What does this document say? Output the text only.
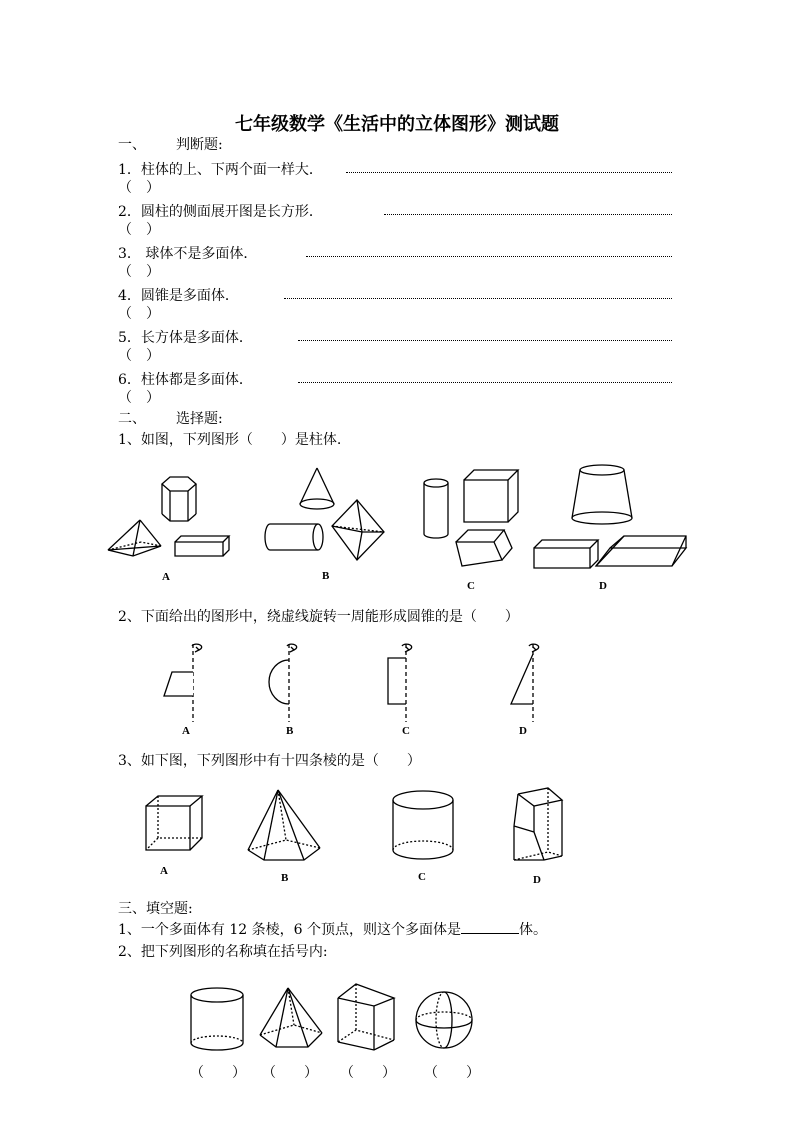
七年级数学《生活中的立体图形》测试题
一、 判断题:
1．柱体的上、下两个面一样大．
（　）
2．圆柱的侧面展开图是长方形．
（　）
3． 球体不是多面体．
（　）
4．圆锥是多面体．
（　）
5．长方体是多面体．
（　）
6．柱体都是多面体．
（　）
二、 选择题:
1、如图，下列图形（　　）是柱体.
A	B
C	D
2、下面给出的图形中，绕虚线旋转一周能形成圆锥的是（　　）
A	B	C	D
3、如下图，下列图形中有十四条棱的是（　　）
A
B	C	D
三、填空题:
1、一个多面体有 12 条棱，6 个顶点，则这个多面体是	体。
2、把下列图形的名称填在括号内:
（　　） （　　） （　　） （　　）
